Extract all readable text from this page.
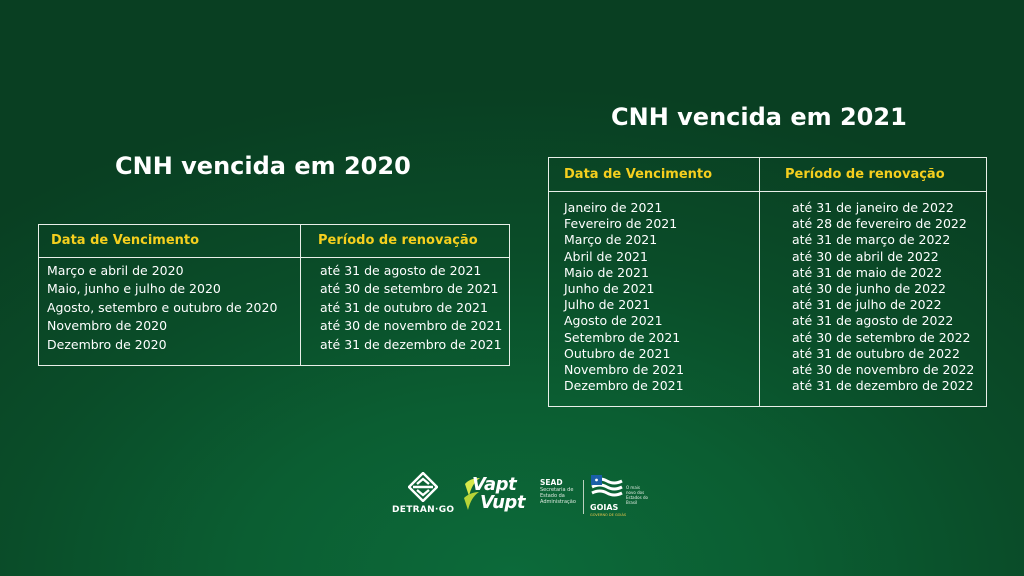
CNH vencida em 2020
CNH vencida em 2021
Data de Vencimento	Período de renovação
Março e abril de 2020
Maio, junho e julho de 2020
Agosto, setembro e outubro de 2020
Novembro de 2020
Dezembro de 2020
até 31 de agosto de 2021
até 30 de setembro de 2021
até 31 de outubro de 2021
até 30 de novembro de 2021
até 31 de dezembro de 2021
Data de Vencimento	Período de renovação
Janeiro de 2021
Fevereiro de 2021
Março de 2021
Abril de 2021
Maio de 2021
Junho de 2021
Julho de 2021
Agosto de 2021
Setembro de 2021
Outubro de 2021
Novembro de 2021
Dezembro de 2021
até 31 de janeiro de 2022
até 28 de fevereiro de 2022
até 31 de março de 2022
até 30 de abril de 2022
até 31 de maio de 2022
até 30 de junho de 2022
até 31 de julho de 2022
até 31 de agosto de 2022
até 30 de setembro de 2022
até 31 de outubro de 2022
até 30 de novembro de 2022
até 31 de dezembro de 2022
DETRAN·GO
Vapt
Vupt
SEAD
Secretaria de
Estado da
Administração
O mais
novo dos
Estados do
Brasil
GOIAS
GOVERNO DE GOIÁS
